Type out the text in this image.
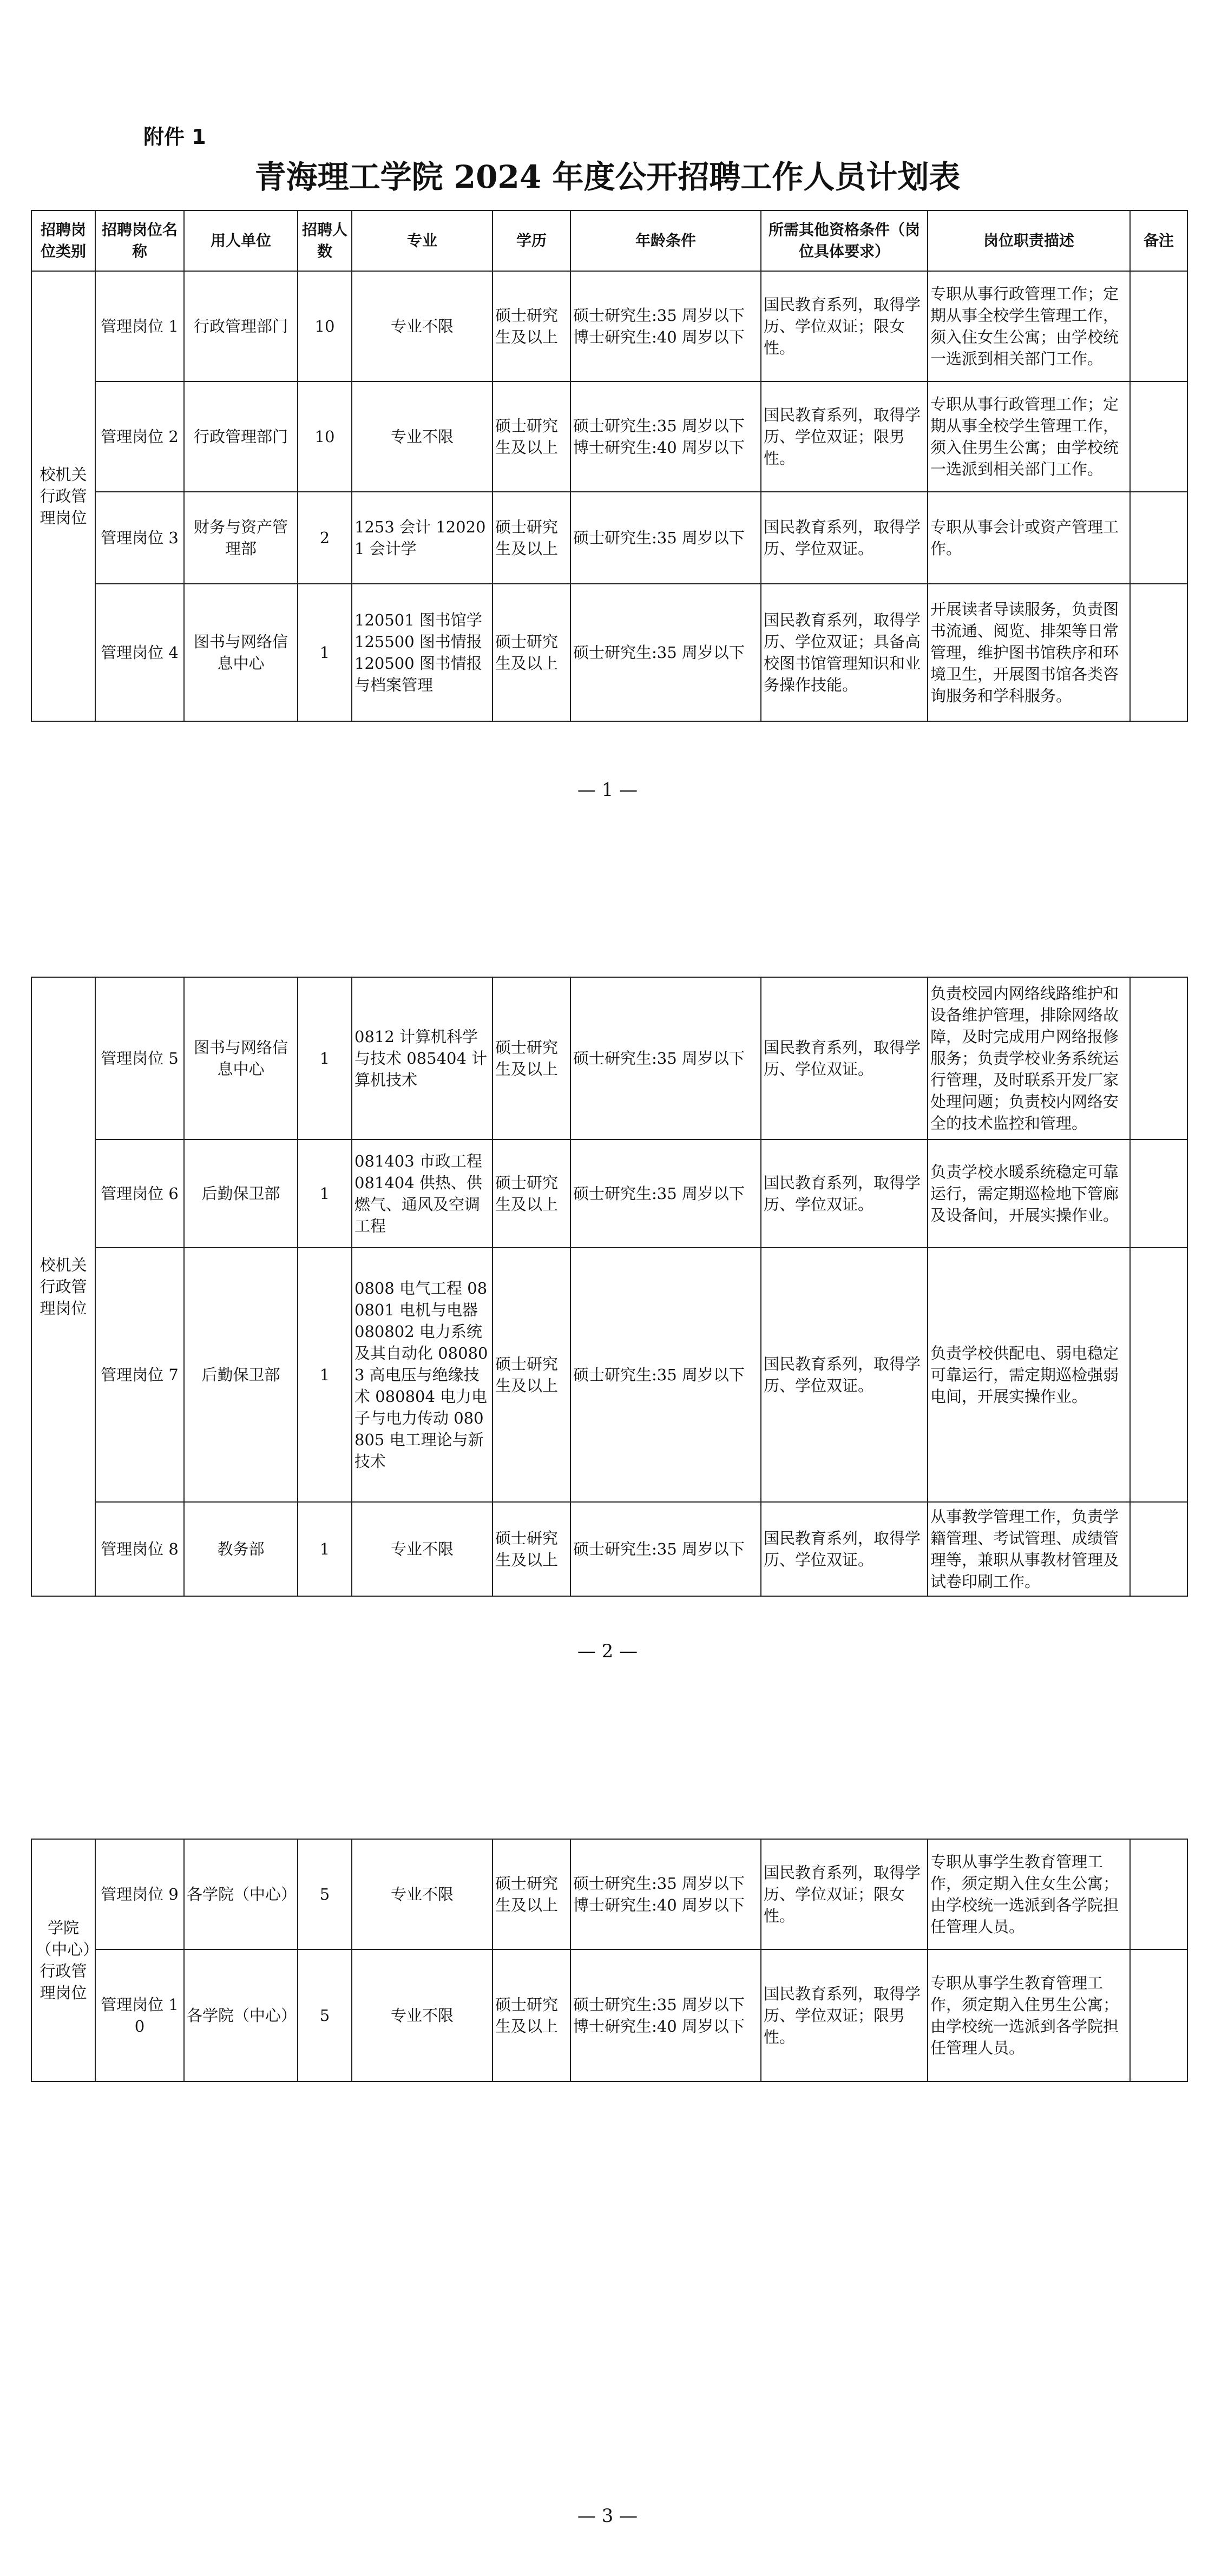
附件 1
青海理工学院 2024 年度公开招聘工作人员计划表
招聘岗位类别	招聘岗位名称	用人单位	招聘人数	专业	学历	年龄条件	所需其他资格条件（岗位具体要求）	岗位职责描述	备注
校机关行政管理岗位	管理岗位 1	行政管理部门	10	专业不限	硕士研究生及以上	硕士研究生:35 周岁以下博士研究生:40 周岁以下	国民教育系列，取得学历、学位双证；限女性。	专职从事行政管理工作；定期从事全校学生管理工作，须入住女生公寓；由学校统一选派到相关部门工作。	
	管理岗位 2	行政管理部门	10	专业不限	硕士研究生及以上	硕士研究生:35 周岁以下博士研究生:40 周岁以下	国民教育系列，取得学历、学位双证；限男性。	专职从事行政管理工作；定期从事全校学生管理工作，须入住男生公寓；由学校统一选派到相关部门工作。	
	管理岗位 3	财务与资产管理部	2	1253 会计 120201 会计学	硕士研究生及以上	硕士研究生:35 周岁以下	国民教育系列，取得学历、学位双证。	专职从事会计或资产管理工作。	
	管理岗位 4	图书与网络信息中心	1	120501 图书馆学 125500 图书情报 120500 图书情报与档案管理	硕士研究生及以上	硕士研究生:35 周岁以下	国民教育系列，取得学历、学位双证；具备高校图书馆管理知识和业务操作技能。	开展读者导读服务，负责图书流通、阅览、排架等日常管理，维护图书馆秩序和环境卫生，开展图书馆各类咨询服务和学科服务。	
— 1 —
校机关行政管理岗位	管理岗位 5	图书与网络信息中心	1	0812 计算机科学与技术 085404 计算机技术	硕士研究生及以上	硕士研究生:35 周岁以下	国民教育系列，取得学历、学位双证。	负责校园内网络线路维护和设备维护管理，排除网络故障，及时完成用户网络报修服务；负责学校业务系统运行管理，及时联系开发厂家处理问题；负责校内网络安全的技术监控和管理。	
	管理岗位 6	后勤保卫部	1	081403 市政工程 081404 供热、供燃气、通风及空调工程	硕士研究生及以上	硕士研究生:35 周岁以下	国民教育系列，取得学历、学位双证。	负责学校水暖系统稳定可靠运行，需定期巡检地下管廊及设备间，开展实操作业。	
	管理岗位 7	后勤保卫部	1	0808 电气工程 080801 电机与电器 080802 电力系统及其自动化 080803 高电压与绝缘技术 080804 电力电子与电力传动 080805 电工理论与新技术	硕士研究生及以上	硕士研究生:35 周岁以下	国民教育系列，取得学历、学位双证。	负责学校供配电、弱电稳定可靠运行，需定期巡检强弱电间，开展实操作业。	
	管理岗位 8	教务部	1	专业不限	硕士研究生及以上	硕士研究生:35 周岁以下	国民教育系列，取得学历、学位双证。	从事教学管理工作，负责学籍管理、考试管理、成绩管理等，兼职从事教材管理及试卷印刷工作。	
— 2 —
学院（中心）行政管理岗位	管理岗位 9	各学院（中心）	5	专业不限	硕士研究生及以上	硕士研究生:35 周岁以下博士研究生:40 周岁以下	国民教育系列，取得学历、学位双证；限女性。	专职从事学生教育管理工作，须定期入住女生公寓；由学校统一选派到各学院担任管理人员。	
	管理岗位 10	各学院（中心）	5	专业不限	硕士研究生及以上	硕士研究生:35 周岁以下博士研究生:40 周岁以下	国民教育系列，取得学历、学位双证；限男性。	专职从事学生教育管理工作，须定期入住男生公寓；由学校统一选派到各学院担任管理人员。	
— 3 —
